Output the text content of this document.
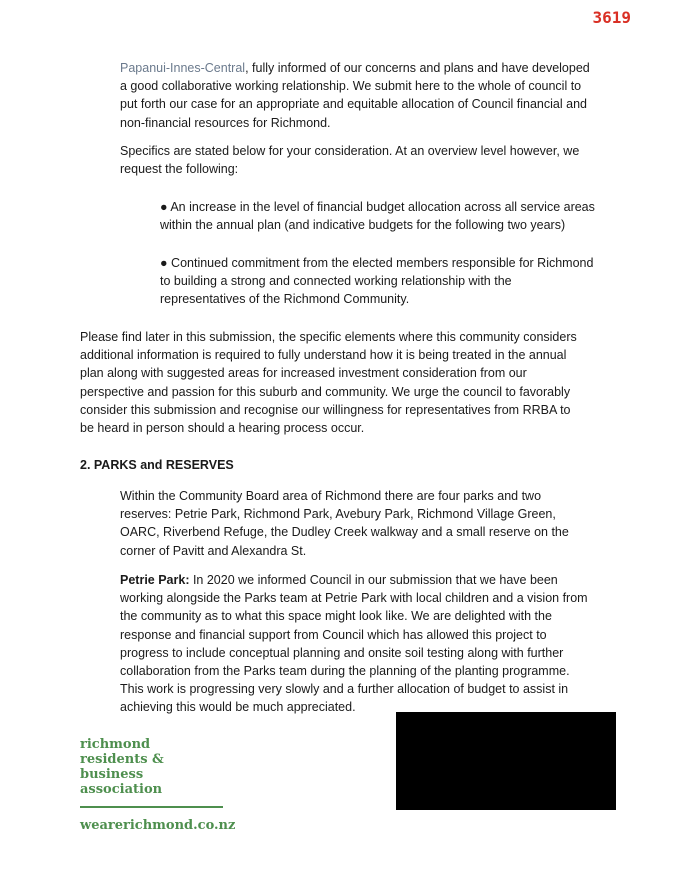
3619

Papanui-Innes-Central, fully informed of our concerns and plans and have developed a good collaborative working relationship. We submit here to the whole of council to put forth our case for an appropriate and equitable allocation of Council financial and non-financial resources for Richmond.

Specifics are stated below for your consideration. At an overview level however, we request the following:

● An increase in the level of financial budget allocation across all service areas within the annual plan (and indicative budgets for the following two years)

● Continued commitment from the elected members responsible for Richmond to building a strong and connected working relationship with the representatives of the Richmond Community.

Please find later in this submission, the specific elements where this community considers additional information is required to fully understand how it is being treated in the annual plan along with suggested areas for increased investment consideration from our perspective and passion for this suburb and community. We urge the council to favorably consider this submission and recognise our willingness for representatives from RRBA to be heard in person should a hearing process occur.

2. PARKS and RESERVES

Within the Community Board area of Richmond there are four parks and two reserves: Petrie Park, Richmond Park, Avebury Park, Richmond Village Green, OARC, Riverbend Refuge, the Dudley Creek walkway and a small reserve on the corner of Pavitt and Alexandra St.

Petrie Park: In 2020 we informed Council in our submission that we have been working alongside the Parks team at Petrie Park with local children and a vision from the community as to what this space might look like. We are delighted with the response and financial support from Council which has allowed this project to progress to include conceptual planning and onsite soil testing along with further collaboration from the Parks team during the planning of the planting programme. This work is progressing very slowly and a further allocation of budget to assist in achieving this would be much appreciated.

richmond
residents &
business
association
wearerichmond.co.nz
